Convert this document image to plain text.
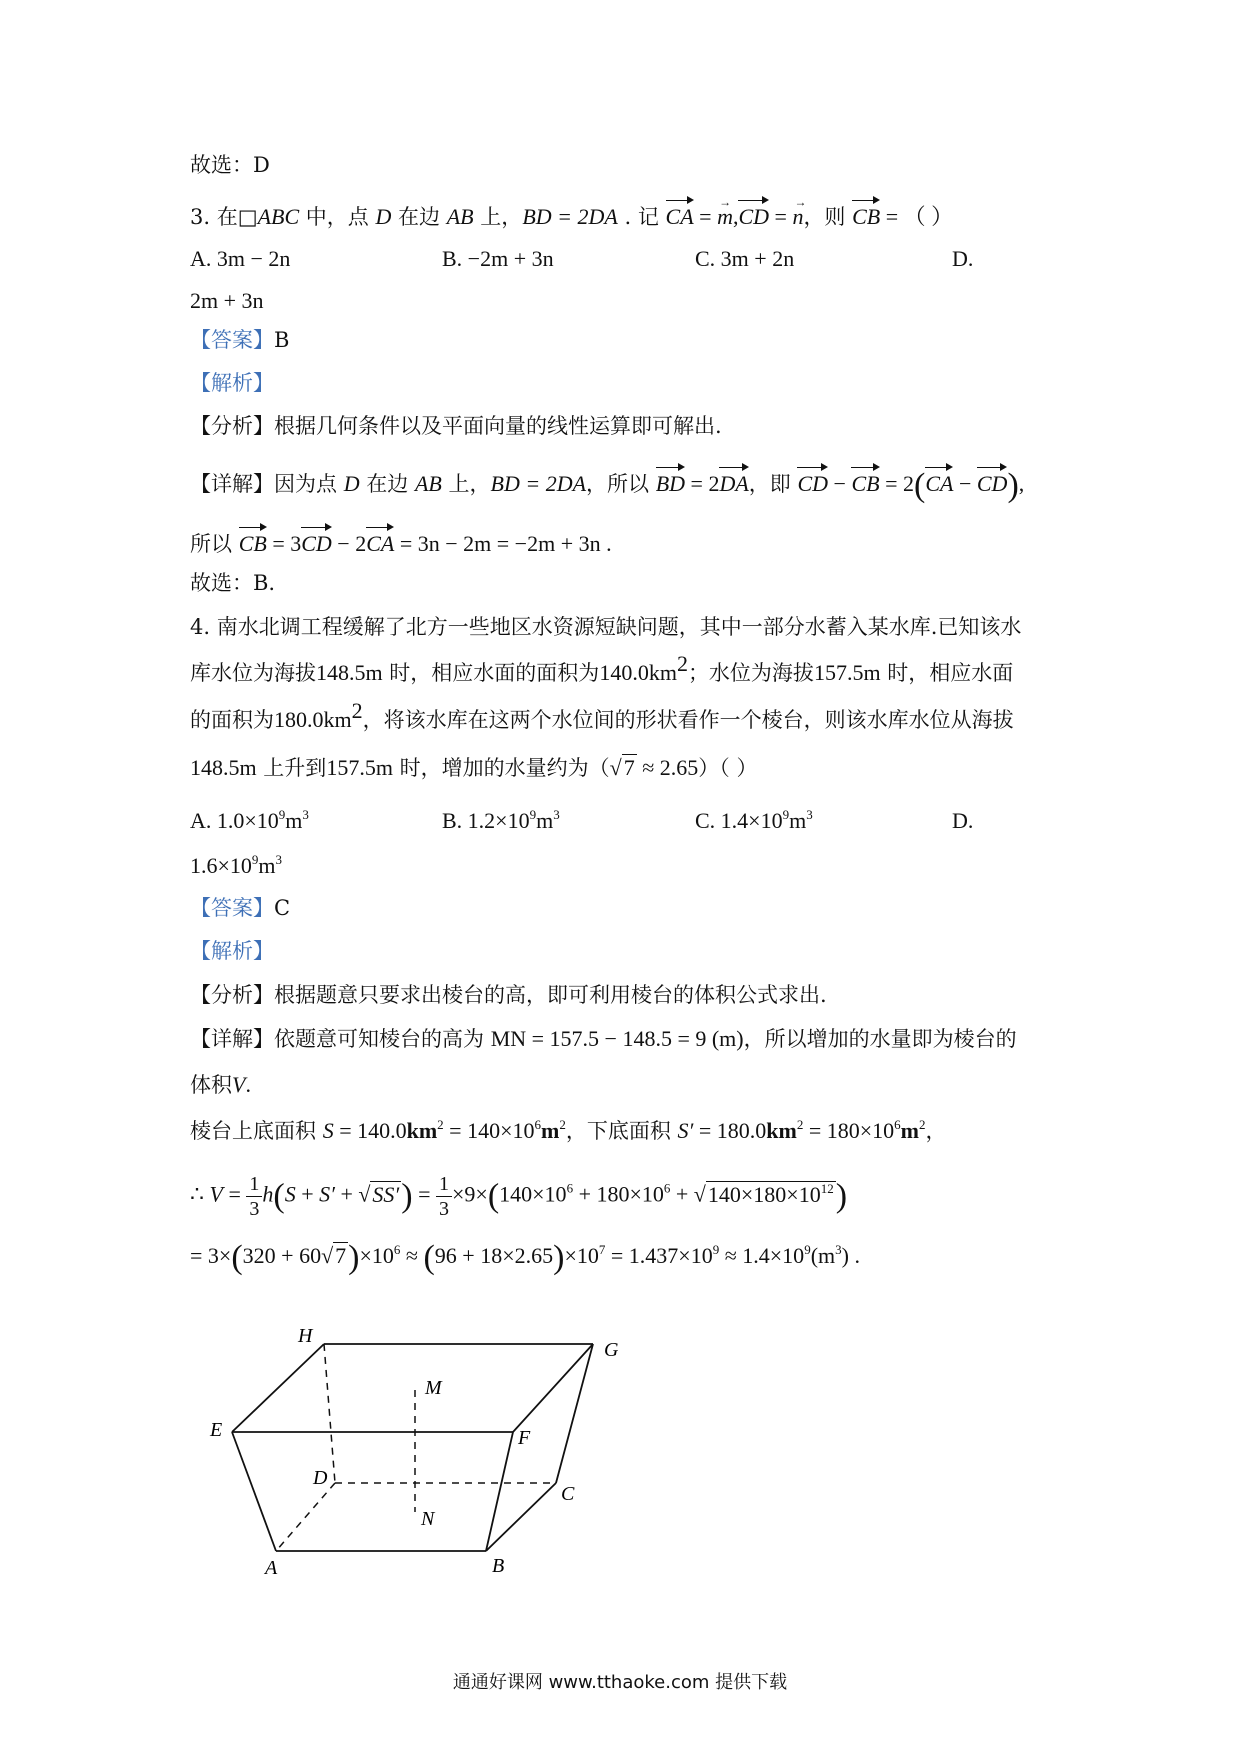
故选：D
3. 在□ABC 中，点 D 在边 AB 上，BD = 2DA . 记 CA = m →,CD = n →，则 CB = （ ）
A. 3m − 2n	B. −2m + 3n	C. 3m + 2n	D.
2m + 3n
【答案】B
【解析】
【分析】根据几何条件以及平面向量的线性运算即可解出.
【详解】因为点 D 在边 AB 上，BD = 2DA，所以 BD = 2DA，即 CD − CB = 2(CA − CD),
所以 CB = 3CD − 2CA = 3n − 2m = −2m + 3n .
故选：B.
4. 南水北调工程缓解了北方一些地区水资源短缺问题，其中一部分水蓄入某水库.已知该水
库水位为海拔148.5m 时，相应水面的面积为$140.0km^2$；水位为海拔157.5m 时，相应水面
的面积为$180.0km^2$，将该水库在这两个水位间的形状看作一个棱台，则该水库水位从海拔
148.5m 上升到157.5m 时，增加的水量约为（√7 ≈ 2.65）（ ）
A. $1.0\times 10^9m^3$	B. $1.2\times 10^9m^3$	C. $1.4\times 10^9m^3$	D.
$1.6\times 10^9m^3$
【答案】C
【解析】
【分析】根据题意只要求出棱台的高，即可利用棱台的体积公式求出.
【详解】依题意可知棱台的高为 MN = 157.5 − 148.5 = 9 (m)，所以增加的水量即为棱台的
体积V.
棱台上底面积 $S = 140.0km^2 = 140\times 10^6m^2$，下底面积 $S' = 180.0km^2 = 180\times 10^6m^2$，
∴ $V = \frac{1}{3} h(S + S' + √SS') = \frac{1}{3} \times 9\times(140\times 10^6 + 180\times 10^6 + √140\times 180\times 10^{12})$
= $3\times(320 + 60√7)\times 10^6 \approx (96 + 18\times 2.65)\times 10^7 = 1.437\times 10^9 \approx 1.4\times 10^9(m^3)$ .
H
G
E	F
M
D
C
N
A	B
通通好课网 www.tthaoke.com 提供下载
